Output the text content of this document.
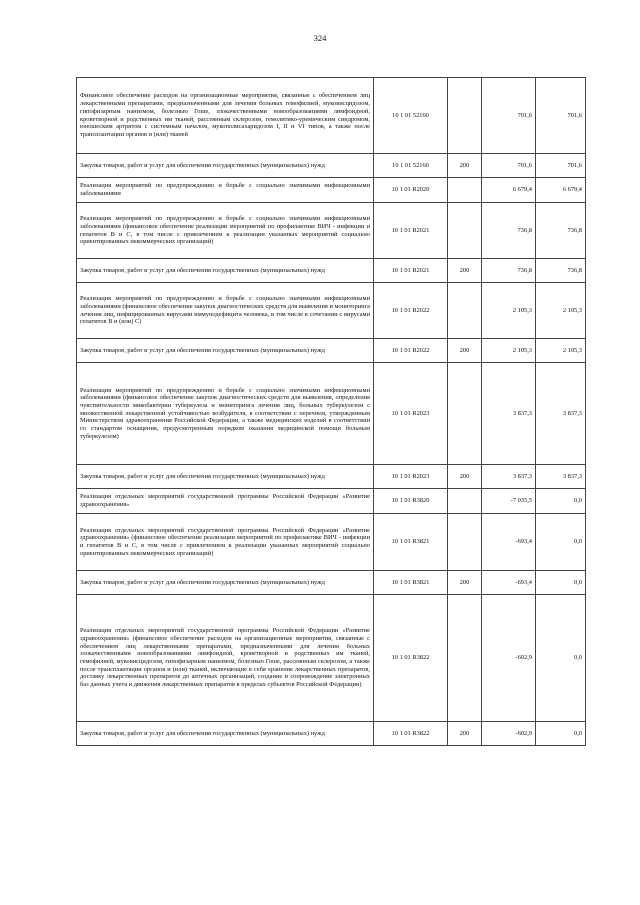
324
Финансовое обеспечение расходов на организационные мероприятия, связанные с обеспечением лиц лекарственными препаратами, предназначенными для лечения больных гемофилией, муковисцидозом, гипофизарным нанизмом, болезнью Гоше, злокачественными новообразованиями лимфоидной, кроветворной и родственных им тканей, рассеянным склерозом, гемолитико-уремическим синдромом, юношеским артритом с системным началом, мукополисахаридозом I, II и VI типов, а также после трансплантации органов и (или) тканей	10 1 01 52160		701,6	701,6
Закупка товаров, работ и услуг для обеспечения государственных (муниципальных) нужд	10 1 01 52160	200	701,6	701,6
Реализация мероприятий по предупреждению и борьбе с социально значимыми инфекционными заболеваниями	10 1 01 R2020		6 679,4	6 679,4
Реализация мероприятий по предупреждению и борьбе с социально значимыми инфекционными заболеваниями (финансовое обеспечение реализации мероприятий по профилактике ВИЧ - инфекции и гепатитов В и С, в том числе с привлечением к реализации указанных мероприятий социально ориентированных некоммерческих организаций)	10 1 01 R2021		736,8	736,8
Закупка товаров, работ и услуг для обеспечения государственных (муниципальных) нужд	10 1 01 R2021	200	736,8	736,8
Реализация мероприятий по предупреждению и борьбе с социально значимыми инфекционными заболеваниями (финансовое обеспечение закупок диагностических средств для выявления и мониторинга лечения лиц, инфицированных вирусами иммунодефицита человека, в том числе в сочетании с вирусами гепатитов В и (или) С)	10 1 01 R2022		2 105,3	2 105,3
Закупка товаров, работ и услуг для обеспечения государственных (муниципальных) нужд	10 1 01 R2022	200	2 105,3	2 105,3
Реализация мероприятий по предупреждению и борьбе с социально значимыми инфекционными заболеваниями (финансовое обеспечение закупок диагностических средств для выявления, определения чувствительности микобактерии туберкулеза и мониторинга лечения лиц, больных туберкулезом с множественной лекарственной устойчивостью возбудителя, в соответствии с перечнем, утвержденным Министерством здравоохранения Российской Федерации, а также медицинских изделий в соответствии со стандартом оснащения, предусмотренным порядком оказания медицинской помощи больным туберкулезом)	10 1 01 R2023		3 837,3	3 837,3
Закупка товаров, работ и услуг для обеспечения государственных (муниципальных) нужд	10 1 01 R2023	200	3 837,3	3 837,3
Реализация отдельных мероприятий государственной программы Российской Федерации «Развитие здравоохранения»	10 1 01 R3820		-7 035,5	0,0
Реализация отдельных мероприятий государственной программы Российской Федерации «Развитие здравоохранения» (финансовое обеспечение реализации мероприятий по профилактике ВИЧ - инфекции и гепатитов В и С, в том числе с привлечением к реализации указанных мероприятий социально ориентированных некоммерческих организаций)	10 1 01 R3821		-693,4	0,0
Закупка товаров, работ и услуг для обеспечения государственных (муниципальных) нужд	10 1 01 R3821	200	-693,4	0,0
Реализация отдельных мероприятий государственной программы Российской Федерации «Развитие здравоохранения» (финансовое обеспечение расходов на организационные мероприятия, связанные с обеспечением лиц лекарственными препаратами, предназначенными для лечения больных злокачественными новообразованиями лимфоидной, кроветворной и родственных им тканей, гемофилией, муковисцидозом, гипофизарным нанизмом, болезнью Гоше, рассеянным склерозом, а также после трансплантации органов и (или) тканей, включающие в себя хранение лекарственных препаратов, доставку лекарственных препаратов до аптечных организаций, создание и сопровождение электронных баз данных учета и движения лекарственных препаратов в пределах субъектов Российской Федерации)	10 1 01 R3822		-602,9	0,0
Закупка товаров, работ и услуг для обеспечения государственных (муниципальных) нужд	10 1 01 R3822	200	-602,9	0,0
